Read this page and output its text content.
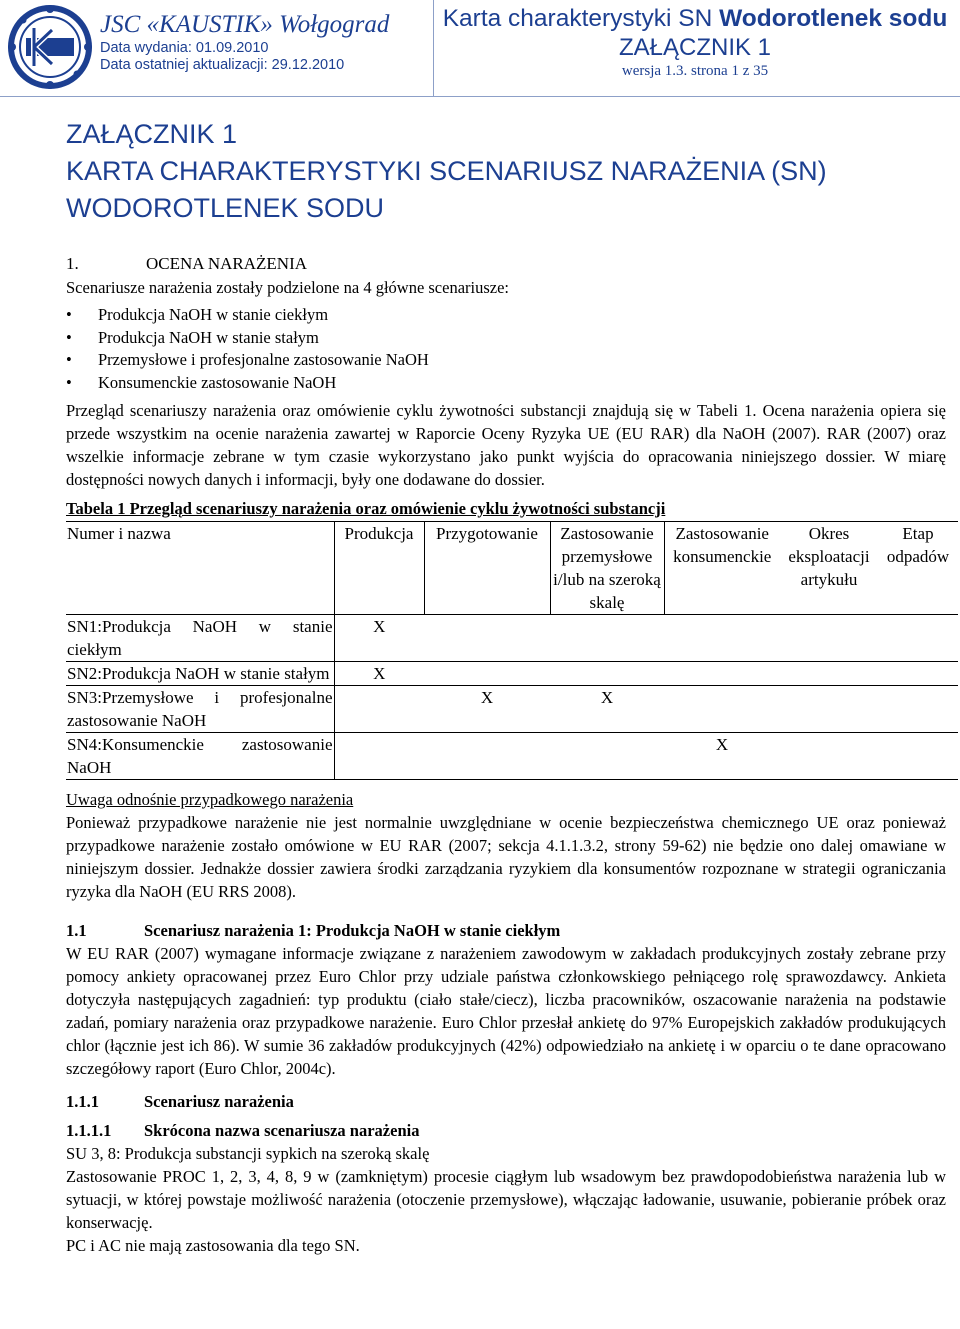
JSC «KAUSTIK» Wołgograd
Data wydania: 01.09.2010
Data ostatniej aktualizacji: 29.12.2010
Karta charakterystyki SN Wodorotlenek sodu
ZAŁĄCZNIK 1
wersja 1.3. strona 1 z 35
ZAŁĄCZNIK 1
KARTA CHARAKTERYSTYKI SCENARIUSZ NARAŻENIA (SN)
WODOROTLENEK SODU
1.	OCENA NARAŻENIA

Scenariusze narażenia zostały podzielone na 4 główne scenariusze:

• Produkcja NaOH w stanie ciekłym
• Produkcja NaOH w stanie stałym
• Przemysłowe i profesjonalne zastosowanie NaOH
• Konsumenckie zastosowanie NaOH

Przegląd scenariuszy narażenia oraz omówienie cyklu żywotności substancji znajdują się w Tabeli 1. Ocena narażenia opiera się przede wszystkim na ocenie narażenia zawartej w Raporcie Oceny Ryzyka UE (EU RAR) dla NaOH (2007). RAR (2007) oraz wszelkie informacje zebrane w tym czasie wykorzystano jako punkt wyjścia do opracowania niniejszego dossier. W miarę dostępności nowych danych i informacji, były one dodawane do dossier.

Tabela 1 Przegląd scenariuszy narażenia oraz omówienie cyklu żywotności substancji
Numer i nazwa	Produkcja	Przygotowanie	Zastosowanie przemysłowe i/lub na szeroką skalę	Zastosowanie konsumenckie	Okres eksploatacji artykułu	Etap odpadów
SN1:Produkcja NaOH w stanie ciekłym	X					
SN2:Produkcja NaOH w stanie stałym	X					
SN3:Przemysłowe i profesjonalne zastosowanie NaOH		X	X			
SN4:Konsumenckie zastosowanie NaOH				X		
Uwaga odnośnie przypadkowego narażenia

Ponieważ przypadkowe narażenie nie jest normalnie uwzględniane w ocenie bezpieczeństwa chemicznego UE oraz ponieważ przypadkowe narażenie zostało omówione w EU RAR (2007; sekcja 4.1.1.3.2, strony 59-62) nie będzie ono dalej omawiane w niniejszym dossier. Jednakże dossier zawiera środki zarządzania ryzykiem dla konsumentów rozpoznane w strategii ograniczania ryzyka dla NaOH (EU RRS 2008).

1.1	Scenariusz narażenia 1: Produkcja NaOH w stanie ciekłym

W EU RAR (2007) wymagane informacje związane z narażeniem zawodowym w zakładach produkcyjnych zostały zebrane przy pomocy ankiety opracowanej przez Euro Chlor przy udziale państwa członkowskiego pełniącego rolę sprawozdawcy. Ankieta dotyczyła następujących zagadnień: typ produktu (ciało stałe/ciecz), liczba pracowników, oszacowanie narażenia na podstawie zadań, pomiary narażenia oraz przypadkowe narażenie. Euro Chlor przesłał ankietę do 97% Europejskich zakładów produkujących chlor (łącznie jest ich 86). W sumie 36 zakładów produkcyjnych (42%) odpowiedziało na ankietę i w oparciu o te dane opracowano szczegółowy raport (Euro Chlor, 2004c).

1.1.1	Scenariusz narażenia
1.1.1.1 Skrócona nazwa scenariusza narażenia

SU 3, 8: Produkcja substancji sypkich na szeroką skalę

Zastosowanie PROC 1, 2, 3, 4, 8, 9 w (zamkniętym) procesie ciągłym lub wsadowym bez prawdopodobieństwa narażenia lub w sytuacji, w której powstaje możliwość narażenia (otoczenie przemysłowe), włączając ładowanie, usuwanie, pobieranie próbek oraz konserwację.

PC i AC nie mają zastosowania dla tego SN.
